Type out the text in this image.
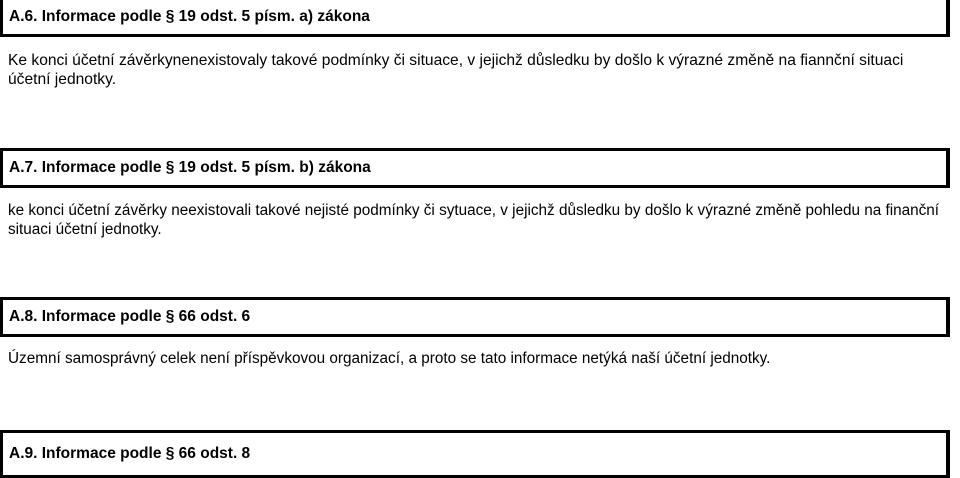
A.6. Informace podle § 19 odst. 5 písm. a) zákona
Ke konci účetní závěrkynenexistovaly takové podmínky či situace, v jejichž důsledku by došlo k výrazné změně na fiannční situaci účetní jednotky.
A.7. Informace podle § 19 odst. 5 písm. b) zákona
ke konci účetní závěrky neexistovali takové nejisté podmínky či sytuace, v jejichž důsledku by došlo k výrazné změně pohledu na finanční situaci účetní jednotky.
A.8. Informace podle § 66 odst. 6
Územní samosprávný celek není příspěvkovou organizací, a proto se tato informace netýká naší účetní jednotky.
A.9. Informace podle § 66 odst. 8
